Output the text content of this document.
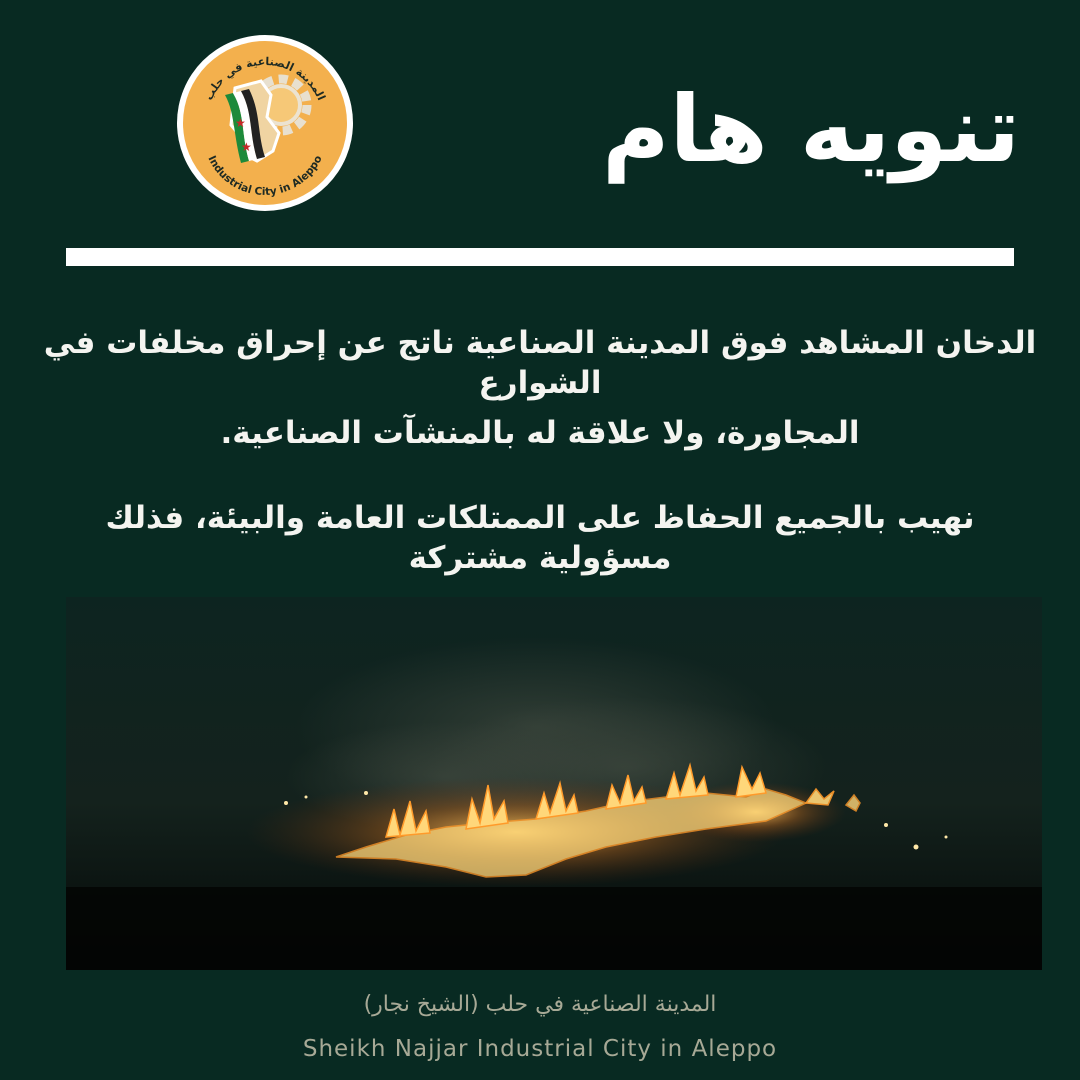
★
★
المدينة الصناعية في حلب
Industrial City in Aleppo	تنويه هام
الدخان المشاهد فوق المدينة الصناعية ناتج عن إحراق مخلفات في الشوارع
المجاورة، ولا علاقة له بالمنشآت الصناعية.
نهيب بالجميع الحفاظ على الممتلكات العامة والبيئة، فذلك مسؤولية مشتركة
المدينة الصناعية في حلب (الشيخ نجار)
Sheikh Najjar Industrial City in Aleppo
